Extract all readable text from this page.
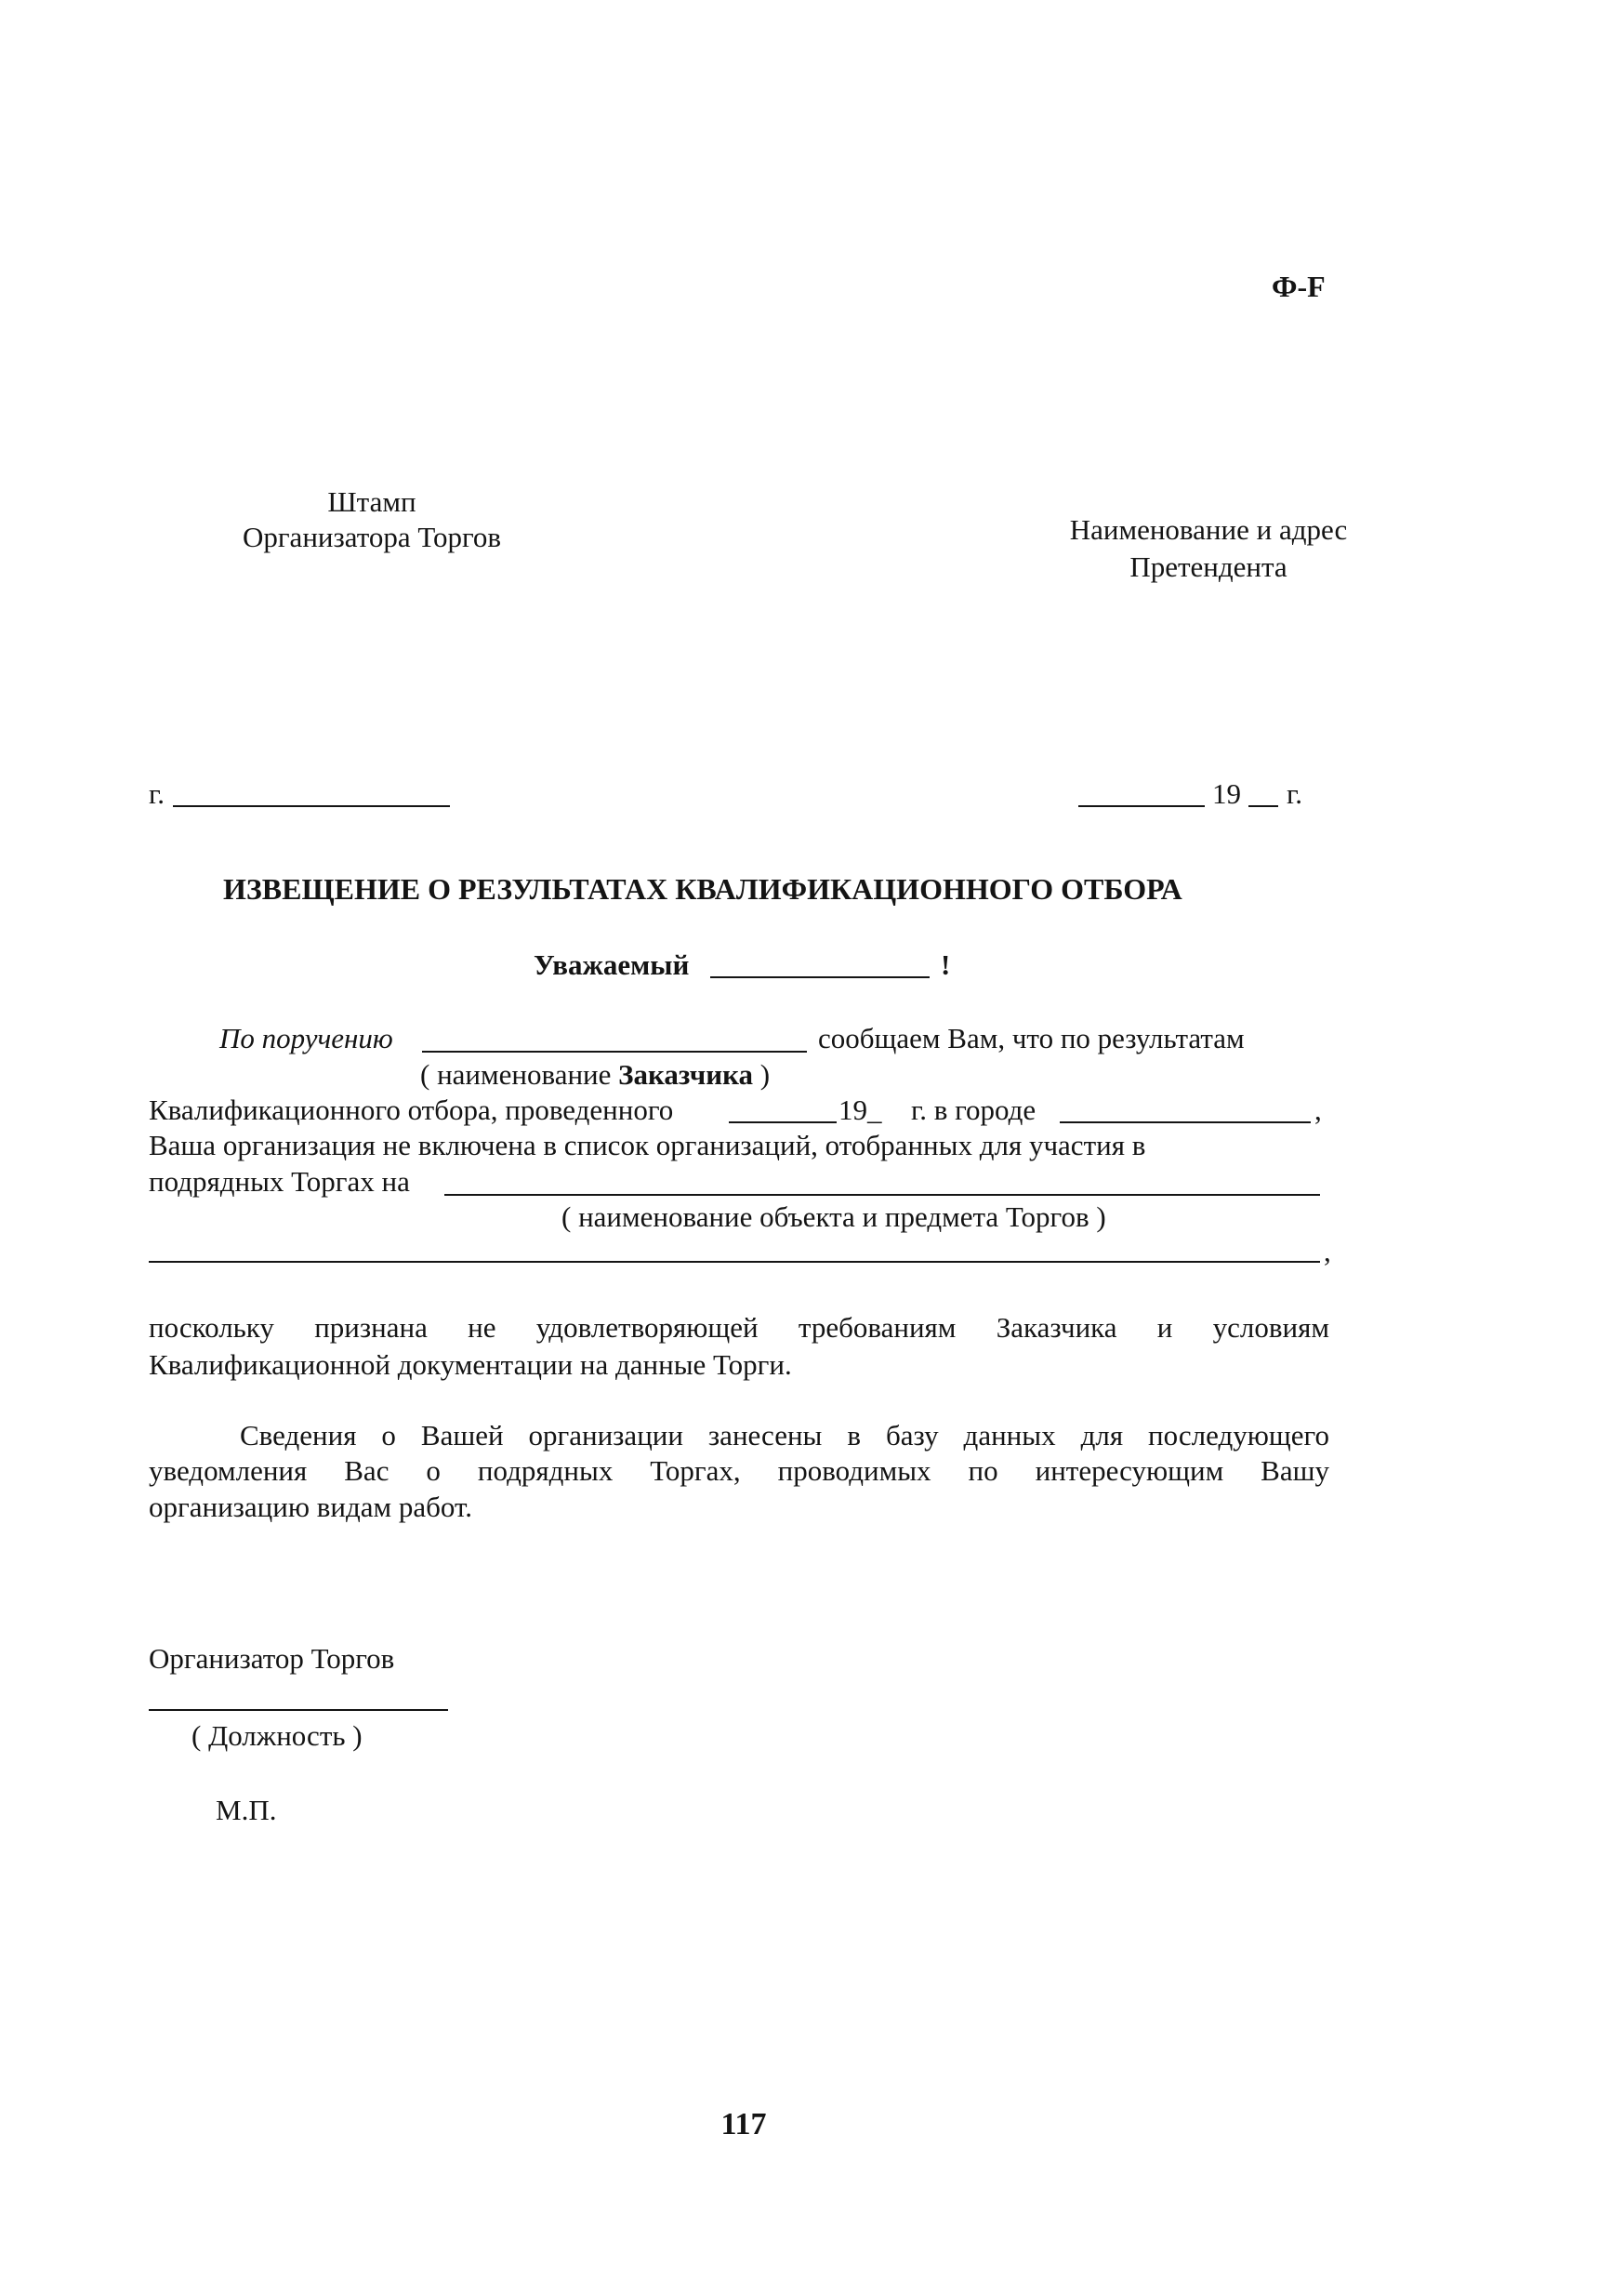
Ф-F
Штамп
Организатора Торгов	Наименование и адрес
Претендента
г.	19 г.
ИЗВЕЩЕНИЕ О РЕЗУЛЬТАТАХ КВАЛИФИКАЦИОННОГО ОТБОРА
Уважаемый	!
По поручению	сообщаем Вам, что по результатам
( наименование Заказчика )
Квалификационного отбора, проведенного	19_ г. в городе	,
Ваша организация не включена в список организаций, отобранных для участия в
подрядных Торгах на
( наименование объекта и предмета Торгов )
,

поскольку признана не удовлетворяющей требованиям Заказчика и условиям

Квалификационной документации на данные Торги.

Сведения о Вашей организации занесены в базу данных для последующего

уведомления Вас о подрядных Торгах, проводимых по интересующим Вашу

организацию видам работ.
Организатор Торгов
( Должность )
М.П.
117
